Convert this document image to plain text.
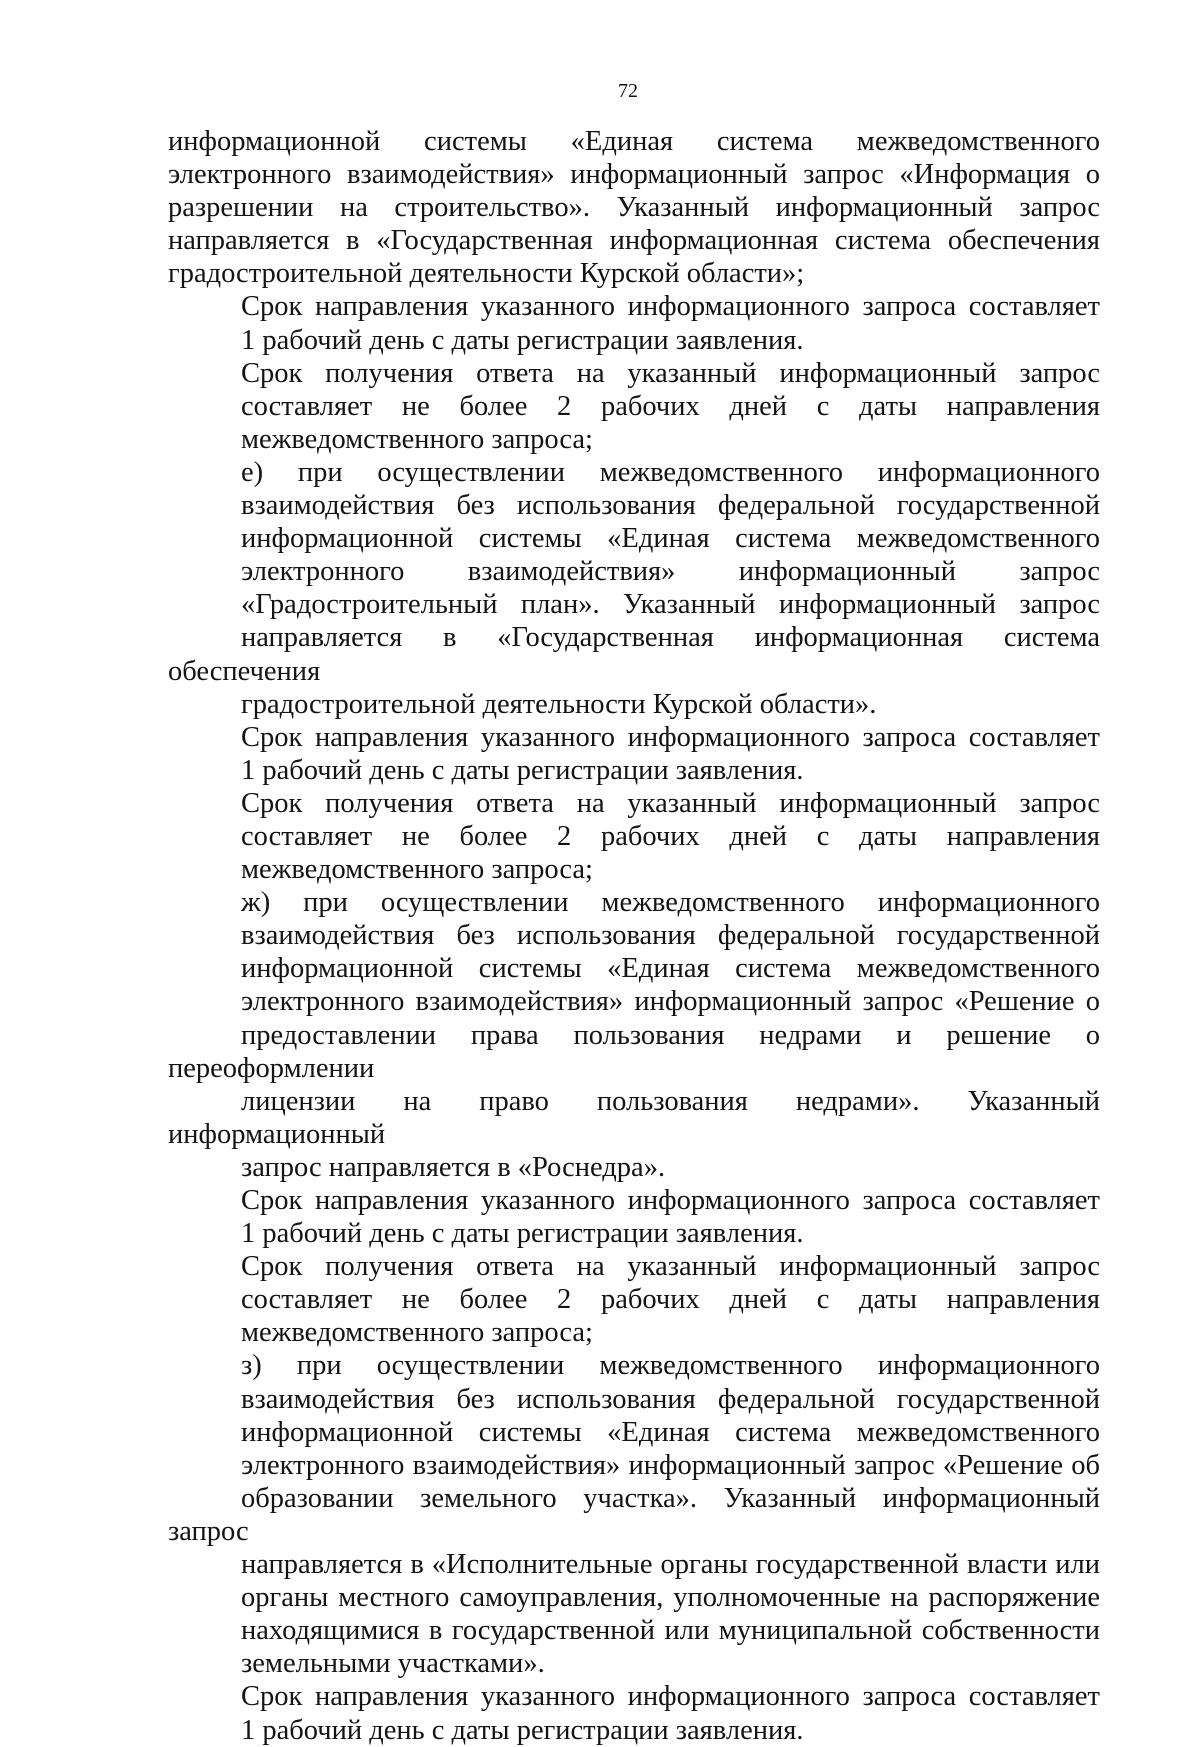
72
информационной системы «Единая система межведомственного
электронного взаимодействия» информационный запрос «Информация о
разрешении на строительство». Указанный информационный запрос
направляется в «Государственная информационная система обеспечения
градостроительной деятельности Курской области»;
Срок направления указанного информационного запроса составляет
1 рабочий день с даты регистрации заявления.
Срок получения ответа на указанный информационный запрос
составляет не более 2 рабочих дней с даты направления
межведомственного запроса;
е) при осуществлении межведомственного информационного
взаимодействия без использования федеральной государственной
информационной системы «Единая система межведомственного
электронного взаимодействия» информационный запрос
«Градостроительный план». Указанный информационный запрос
направляется в «Государственная информационная система обеспечения
градостроительной деятельности Курской области».
Срок направления указанного информационного запроса составляет
1 рабочий день с даты регистрации заявления.
Срок получения ответа на указанный информационный запрос
составляет не более 2 рабочих дней с даты направления
межведомственного запроса;
ж) при осуществлении межведомственного информационного
взаимодействия без использования федеральной государственной
информационной системы «Единая система межведомственного
электронного взаимодействия» информационный запрос «Решение о
предоставлении права пользования недрами и решение о переоформлении
лицензии на право пользования недрами». Указанный информационный
запрос направляется в «Роснедра».
Срок направления указанного информационного запроса составляет
1 рабочий день с даты регистрации заявления.
Срок получения ответа на указанный информационный запрос
составляет не более 2 рабочих дней с даты направления
межведомственного запроса;
з) при осуществлении межведомственного информационного
взаимодействия без использования федеральной государственной
информационной системы «Единая система межведомственного
электронного взаимодействия» информационный запрос «Решение об
образовании земельного участка». Указанный информационный запрос
направляется в «Исполнительные органы государственной власти или
органы местного самоуправления, уполномоченные на распоряжение
находящимися в государственной или муниципальной собственности
земельными участками».
Срок направления указанного информационного запроса составляет
1 рабочий день с даты регистрации заявления.
